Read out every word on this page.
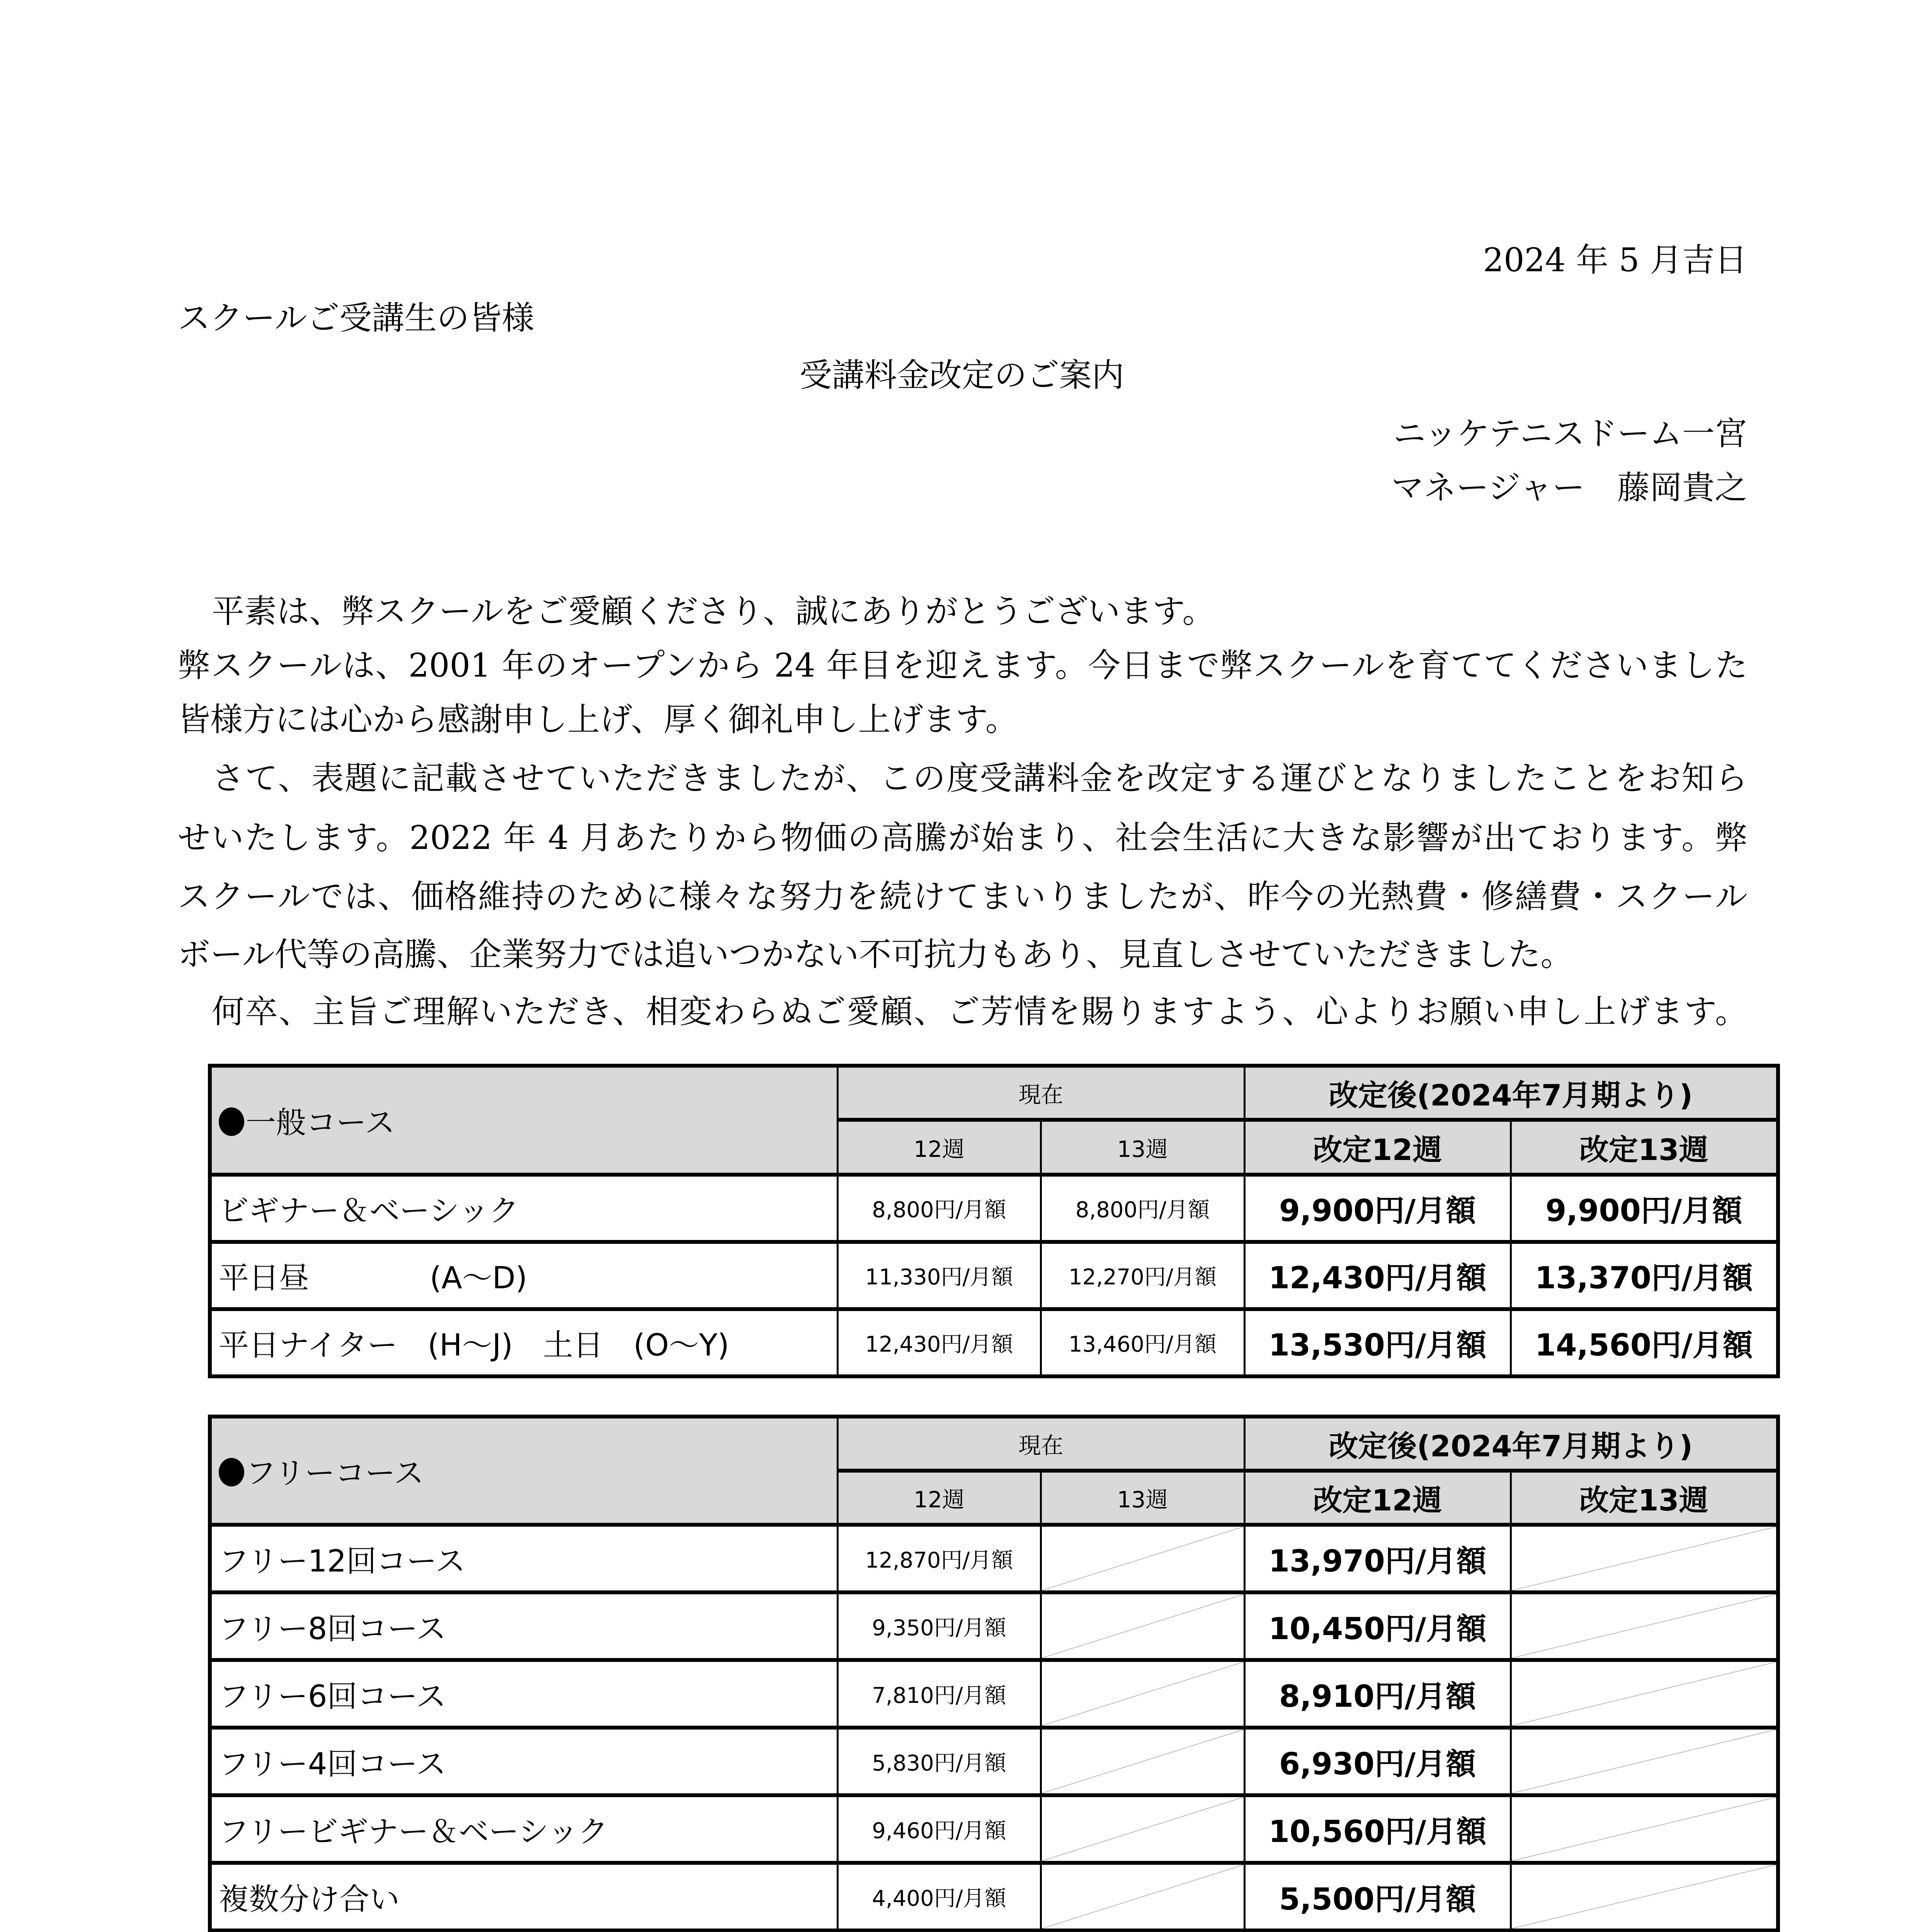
2024 年 5 月吉日
スクールご受講生の皆様
受講料金改定のご案内
ニッケテニスドーム一宮
マネージャー　藤岡貴之
平素は、弊スクールをご愛顧くださり、誠にありがとうございます。
弊スクールは、2001 年のオープンから 24 年目を迎えます。今日まで弊スクールを育ててくださいました
皆様方には心から感謝申し上げ、厚く御礼申し上げます。
さて、表題に記載させていただきましたが、この度受講料金を改定する運びとなりましたことをお知ら
せいたします。2022 年 4 月あたりから物価の高騰が始まり、社会生活に大きな影響が出ております。弊
スクールでは、価格維持のために様々な努力を続けてまいりましたが、昨今の光熱費・修繕費・スクール
ボール代等の高騰、企業努力では追いつかない不可抗力もあり、見直しさせていただきました。
何卒、主旨ご理解いただき、相変わらぬご愛顧、ご芳情を賜りますよう、心よりお願い申し上げます。
一般コース	現在		改定後(2024年7月期より)	
	12週	13週	改定12週	改定13週
ビギナー＆ベーシック	8,800円/月額	8,800円/月額	9,900円/月額	9,900円/月額
平日昼　　　　(A～D)	11,330円/月額	12,270円/月額	12,430円/月額	13,370円/月額
平日ナイター　(H～J)　土日　(O～Y)	12,430円/月額	13,460円/月額	13,530円/月額	14,560円/月額
フリーコース	現在		改定後(2024年7月期より)	
	12週	13週	改定12週	改定13週
フリー12回コース	12,870円/月額		13,970円/月額	

フリー8回コース	9,350円/月額		10,450円/月額	

フリー6回コース	7,810円/月額		8,910円/月額	

フリー4回コース	5,830円/月額		6,930円/月額	

フリービギナー＆ベーシック	9,460円/月額		10,560円/月額	

複数分け合い	4,400円/月額		5,500円/月額	
